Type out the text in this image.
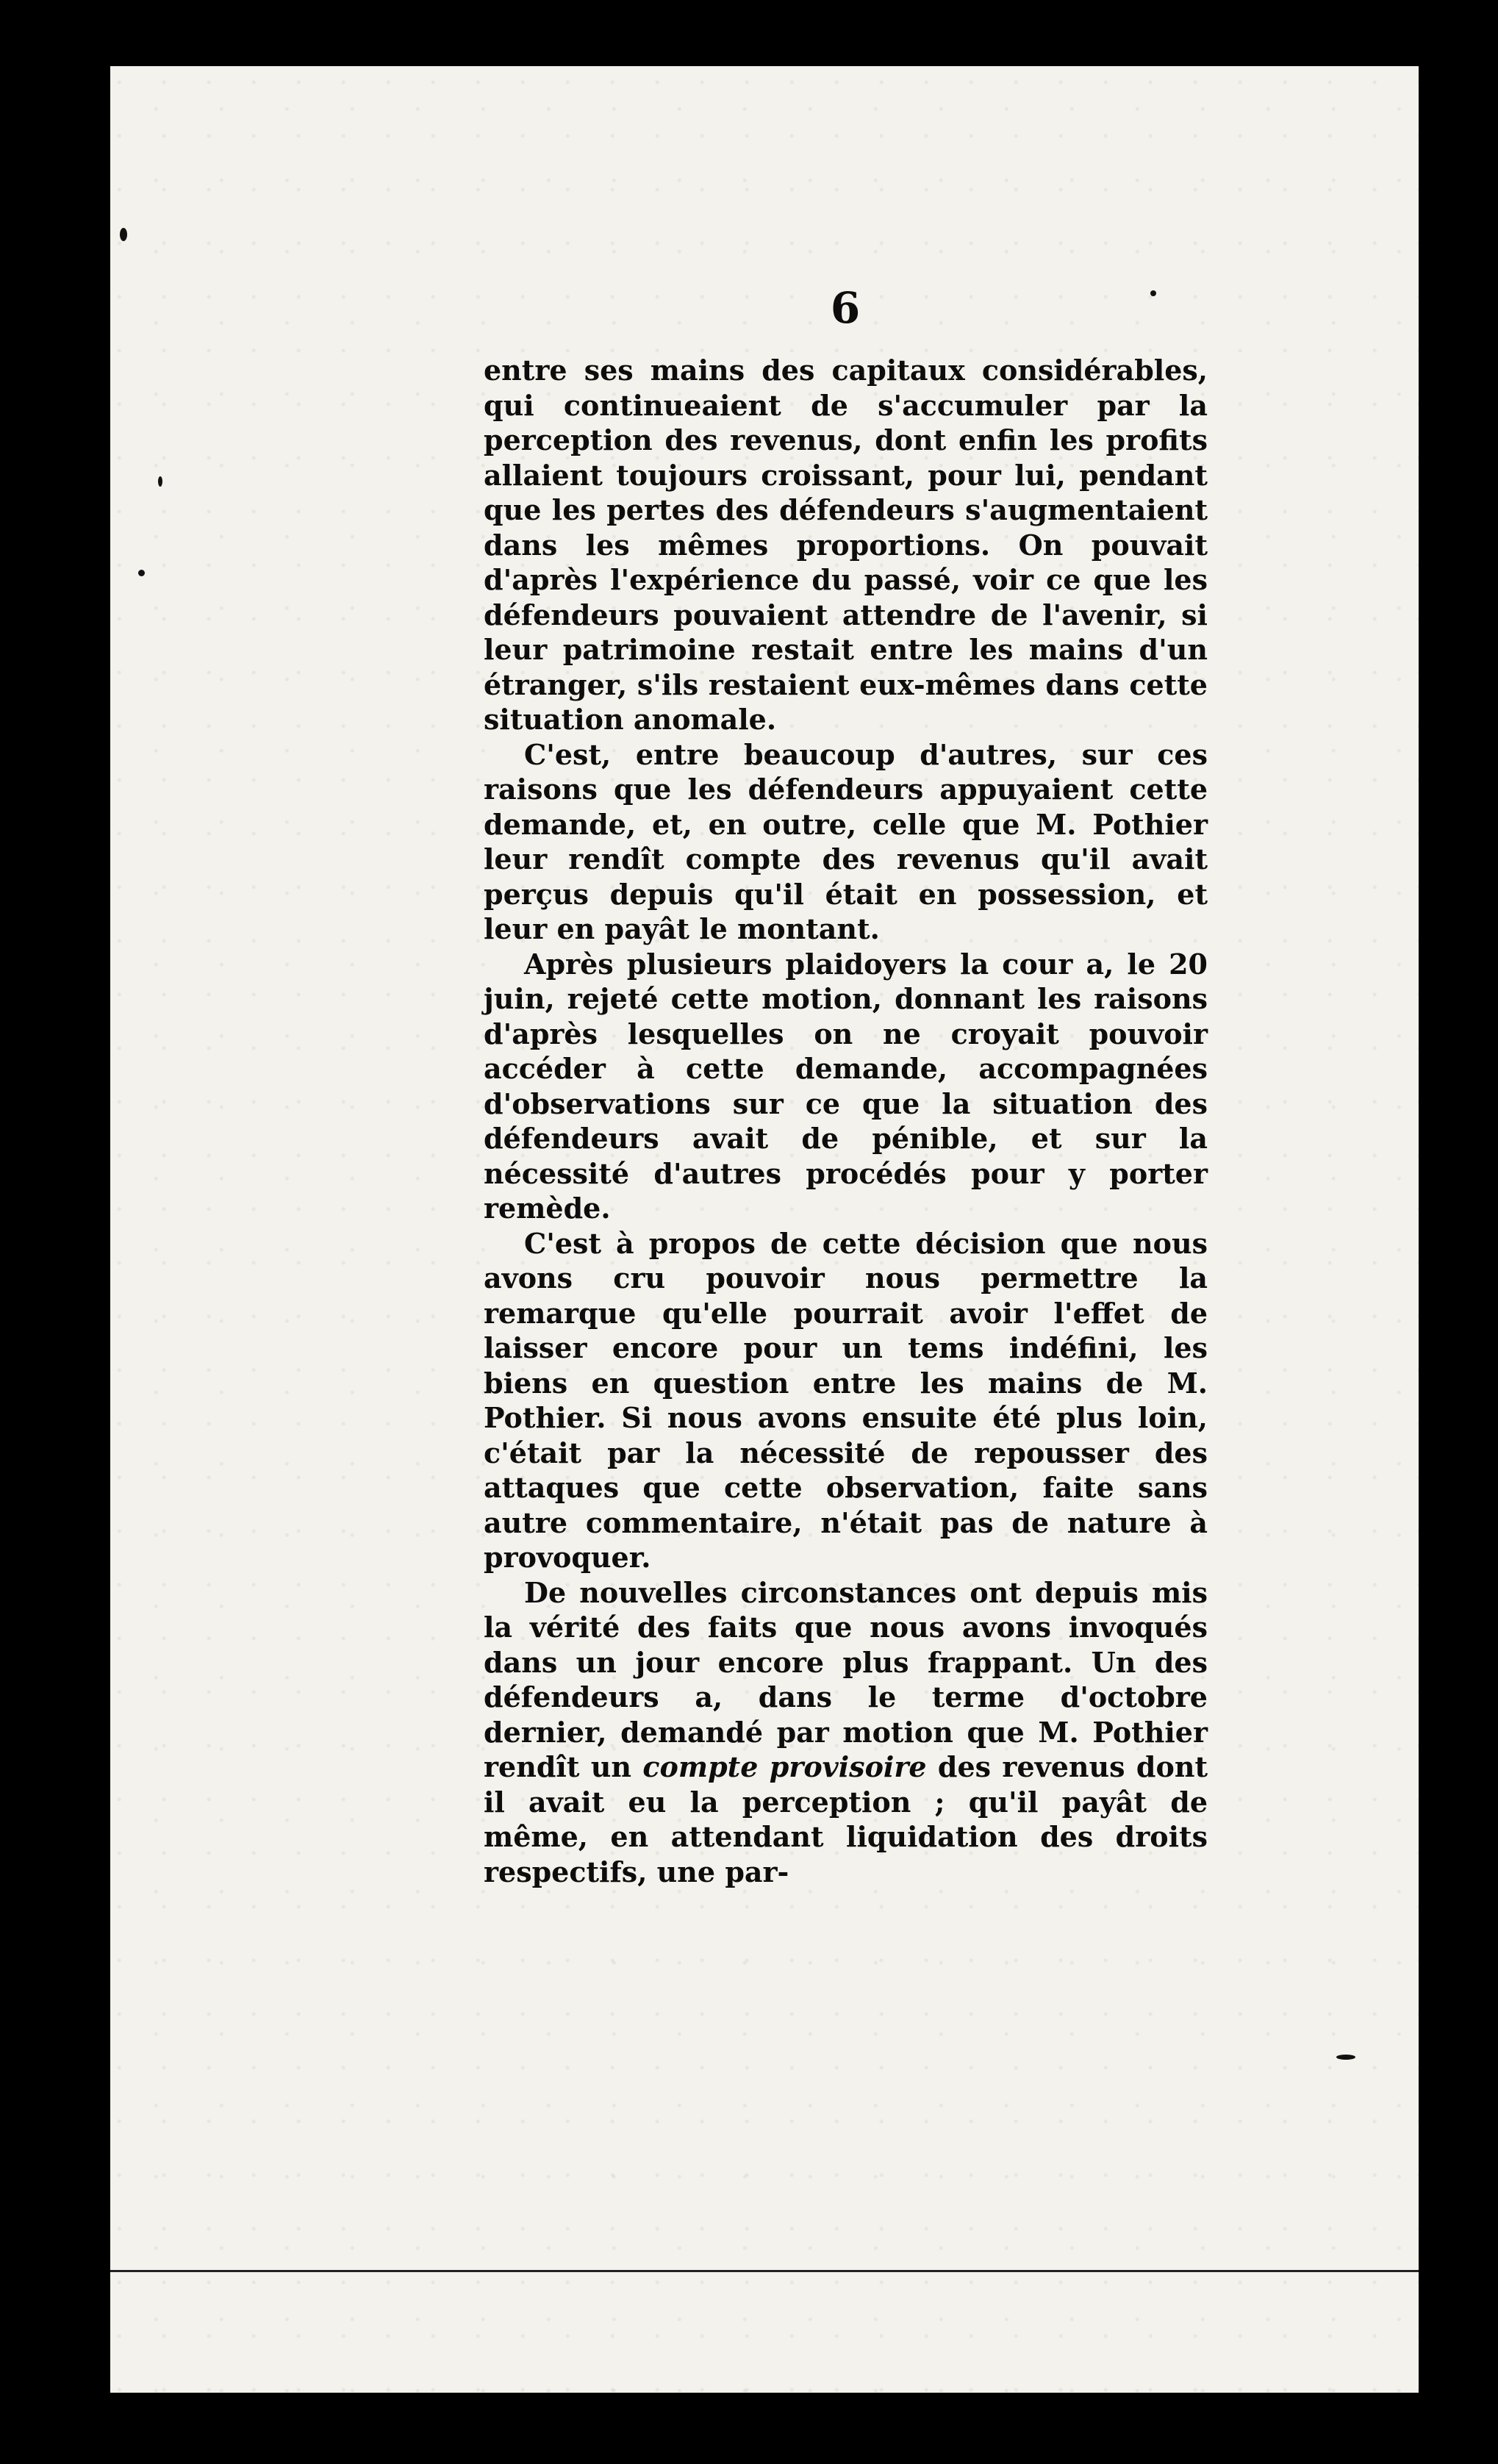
6

entre ses mains des capitaux considérables, qui continueaient de s'accumuler par la perception des revenus, dont enfin les profits allaient toujours croissant, pour lui, pendant que les pertes des défendeurs s'augmentaient dans les mêmes proportions. On pouvait d'après l'expérience du passé, voir ce que les défendeurs pouvaient attendre de l'avenir, si leur patrimoine restait entre les mains d'un étranger, s'ils restaient eux-mêmes dans cette situation anomale.

C'est, entre beaucoup d'autres, sur ces raisons que les défendeurs appuyaient cette demande, et, en outre, celle que M. Pothier leur rendît compte des revenus qu'il avait perçus depuis qu'il était en possession, et leur en payât le montant.

Après plusieurs plaidoyers la cour a, le 20 juin, rejeté cette motion, donnant les raisons d'après lesquelles on ne croyait pouvoir accéder à cette demande, accompagnées d'observations sur ce que la situation des défendeurs avait de pénible, et sur la nécessité d'autres procédés pour y porter remède.

C'est à propos de cette décision que nous avons cru pouvoir nous permettre la remarque qu'elle pourrait avoir l'effet de laisser encore pour un tems indéfini, les biens en question entre les mains de M. Pothier. Si nous avons ensuite été plus loin, c'était par la nécessité de repousser des attaques que cette observation, faite sans autre commentaire, n'était pas de nature à provoquer.

De nouvelles circonstances ont depuis mis la vérité des faits que nous avons invoqués dans un jour encore plus frappant. Un des défendeurs a, dans le terme d'octobre dernier, demandé par motion que M. Pothier rendît un compte provisoire des revenus dont il avait eu la perception ; qu'il payât de même, en attendant liquidation des droits respectifs, une par-
